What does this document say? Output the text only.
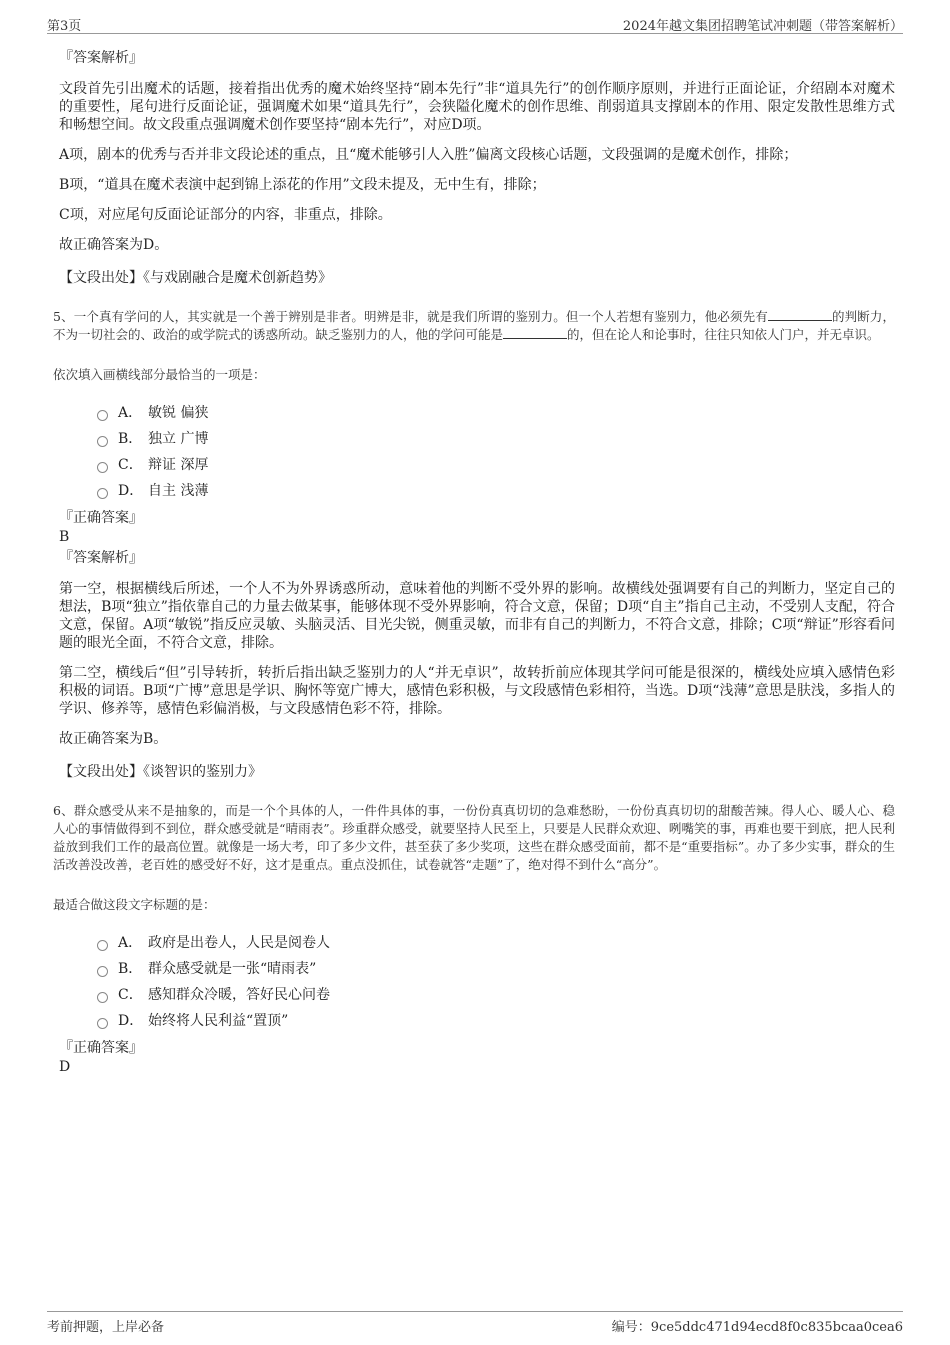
第3页	2024年越文集团招聘笔试冲刺题（带答案解析）
『答案解析』
文段首先引出魔术的话题，接着指出优秀的魔术始终坚持“剧本先行”非“道具先行”的创作顺序原则，并进行正面论证，介绍剧本对魔术的重要性，尾句进行反面论证，强调魔术如果“道具先行”，会狭隘化魔术的创作思维、削弱道具支撑剧本的作用、限定发散性思维方式和畅想空间。故文段重点强调魔术创作要坚持“剧本先行”，对应D项。
A项，剧本的优秀与否并非文段论述的重点，且“魔术能够引人入胜”偏离文段核心话题，文段强调的是魔术创作，排除；
B项，“道具在魔术表演中起到锦上添花的作用”文段未提及，无中生有，排除；
C项，对应尾句反面论证部分的内容，非重点，排除。
故正确答案为D。
【文段出处】《与戏剧融合是魔术创新趋势》
5、一个真有学问的人，其实就是一个善于辨别是非者。明辨是非，就是我们所谓的鉴别力。但一个人若想有鉴别力，他必须先有	的判断力，不为一切社会的、政治的或学院式的诱惑所动。缺乏鉴别力的人，他的学问可能是	的，但在论人和论事时，往往只知依人门户，并无卓识。
依次填入画横线部分最恰当的一项是：
A． 敏锐 偏狭
B． 独立 广博
C． 辩证 深厚
D． 自主 浅薄
『正确答案』
B
『答案解析』
第一空，根据横线后所述，一个人不为外界诱惑所动，意味着他的判断不受外界的影响。故横线处强调要有自己的判断力，坚定自己的想法，B项“独立”指依靠自己的力量去做某事，能够体现不受外界影响，符合文意，保留；D项“自主”指自己主动，不受别人支配，符合文意，保留。A项“敏锐”指反应灵敏、头脑灵活、目光尖锐，侧重灵敏，而非有自己的判断力，不符合文意，排除；C项“辩证”形容看问题的眼光全面，不符合文意，排除。
第二空，横线后“但”引导转折，转折后指出缺乏鉴别力的人“并无卓识”，故转折前应体现其学问可能是很深的，横线处应填入感情色彩积极的词语。B项“广博”意思是学识、胸怀等宽广博大，感情色彩积极，与文段感情色彩相符，当选。D项“浅薄”意思是肤浅，多指人的学识、修养等，感情色彩偏消极，与文段感情色彩不符，排除。
故正确答案为B。
【文段出处】《谈智识的鉴别力》
6、群众感受从来不是抽象的，而是一个个具体的人，一件件具体的事，一份份真真切切的急难愁盼，一份份真真切切的甜酸苦辣。得人心、暖人心、稳人心的事情做得到不到位，群众感受就是“晴雨表”。珍重群众感受，就要坚持人民至上，只要是人民群众欢迎、咧嘴笑的事，再难也要干到底，把人民利益放到我们工作的最高位置。就像是一场大考，印了多少文件，甚至获了多少奖项，这些在群众感受面前，都不是“重要指标”。办了多少实事，群众的生活改善没改善，老百姓的感受好不好，这才是重点。重点没抓住，试卷就答“走题”了，绝对得不到什么“高分”。
最适合做这段文字标题的是：
A． 政府是出卷人，人民是阅卷人
B． 群众感受就是一张“晴雨表”
C． 感知群众冷暖，答好民心问卷
D． 始终将人民利益“置顶”
『正确答案』
D
考前押题，上岸必备	编号：9ce5ddc471d94ecd8f0c835bcaa0cea6
